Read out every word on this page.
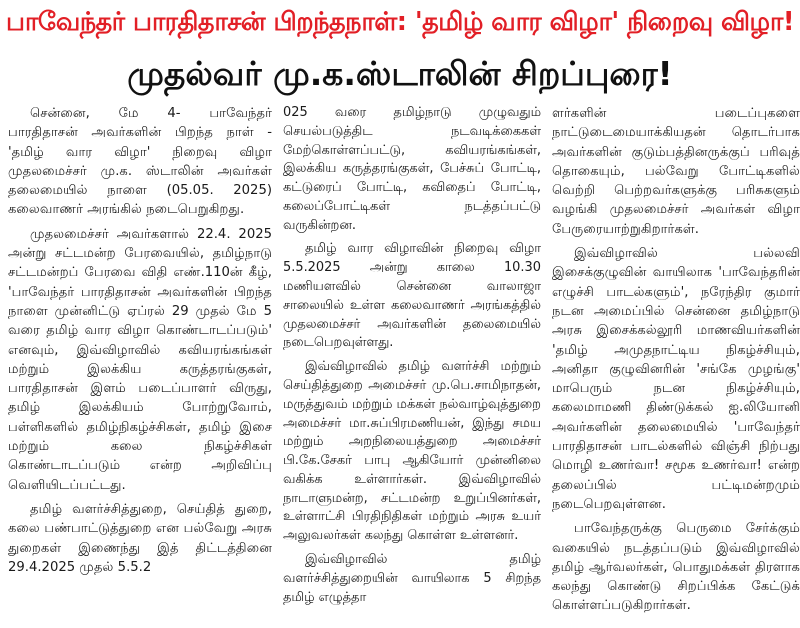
பாவேந்தர் பாரதிதாசன் பிறந்தநாள்: 'தமிழ் வார விழா' நிறைவு விழா!
முதல்வர் மு.க.ஸ்டாலின் சிறப்புரை!

சென்னை, மே 4- பாவேந்தர் பாரதிதாசன் அவர்களின் பிறந்த நாள் - 'தமிழ் வார விழா' நிறைவு விழா முதலமைச்சர் மு.க. ஸ்டாலின் அவர்கள் தலைமையில் நாளை (05.05. 2025) கலைவாணர் அரங்கில் நடைபெறுகிறது.

முதலமைச்சர் அவர்களால் 22.4. 2025 அன்று சட்டமன்ற பேரவையில், தமிழ்நாடு சட்டமன்றப் பேரவை விதி எண்.110ன் கீழ், 'பாவேந்தர் பாரதிதாசன் அவர்களின் பிறந்த நாளை முன்னிட்டு ஏப்ரல் 29 முதல் மே 5 வரை தமிழ் வார விழா கொண்டாடப்படும்' எனவும், இவ்விழாவில் கவியரங்கங்கள் மற்றும் இலக்கிய கருத்தரங்குகள், பாரதிதாசன் இளம் படைப்பாளர் விருது, தமிழ் இலக்கியம் போற்றுவோம், பள்ளிகளில் தமிழ்நிகழ்ச்சிகள், தமிழ் இசை மற்றும் கலை நிகழ்ச்சிகள் கொண்டாடப்படும் என்ற அறிவிப்பு வெளியிடப்பட்டது.

தமிழ் வளர்ச்சித்துறை, செய்தித் துறை, கலை பண்பாட்டுத்துறை என பல்வேறு அரசு துறைகள் இணைந்து இத் திட்டத்தினை 29.4.2025 முதல் 5.5.2

025 வரை தமிழ்நாடு முழுவதும் செயல்படுத்திட நடவடிக்கைகள் மேற்கொள்ளப்பட்டு, கவியரங்கங்கள், இலக்கிய கருத்தரங்குகள், பேச்சுப் போட்டி, கட்டுரைப் போட்டி, கவிதைப் போட்டி, கலைப்போட்டிகள் நடத்தப்பட்டு வருகின்றன.

தமிழ் வார விழாவின் நிறைவு விழா 5.5.2025 அன்று காலை 10.30 மணியளவில் சென்னை வாலாஜா சாலையில் உள்ள கலைவாணர் அரங்கத்தில் முதலமைச்சர் அவர்களின் தலைமையில் நடைபெறவுள்ளது.

இவ்விழாவில் தமிழ் வளர்ச்சி மற்றும் செய்தித்துறை அமைச்சர் மு.பெ.சாமிநாதன், மருத்துவம் மற்றும் மக்கள் நல்வாழ்வுத்துறை அமைச்சர் மா.சுப்பிரமணியன், இந்து சமய மற்றும் அறநிலையத்துறை அமைச்சர் பி.கே.சேகர் பாபு ஆகியோர் முன்னிலை வகிக்க உள்ளார்கள். இவ்விழாவில் நாடாளுமன்ற, சட்டமன்ற உறுப்பினர்கள், உள்ளாட்சி பிரதிநிதிகள் மற்றும் அரசு உயர் அலுவலர்கள் கலந்து கொள்ள உள்ளனர்.

இவ்விழாவில் தமிழ் வளர்ச்சித்துறையின் வாயிலாக 5 சிறந்த தமிழ் எழுத்தா

ளர்களின் படைப்புகளை நாட்டுடைமையாக்கியதன் தொடர்பாக அவர்களின் குடும்பத்தினருக்குப் பரிவுத் தொகையும், பல்வேறு போட்டிகளில் வெற்றி பெற்றவர்களுக்கு பரிசுகளும் வழங்கி முதலமைச்சர் அவர்கள் விழா பேருரையாற்றுகிறார்கள்.

இவ்விழாவில் பல்லவி இசைக்குழுவின் வாயிலாக 'பாவேந்தரின் எழுச்சி பாடல்களும்', நரேந்திர குமார் நடன அமைப்பில் சென்னை தமிழ்நாடு அரசு இசைக்கல்லூரி மாணவியர்களின் 'தமிழ் அமுதநாட்டிய நிகழ்ச்சியும், அனிதா குழுவினரின் 'சங்கே முழங்கு' மாபெரும் நடன நிகழ்ச்சியும், கலைமாமணி திண்டுக்கல் ஐ.லியோனி அவர்களின் தலைமையில் 'பாவேந்தர் பாரதிதாசன் பாடல்களில் விஞ்சி நிற்பது மொழி உணர்வா! சமூக உணர்வா! என்ற தலைப்பில் பட்டிமன்றமும் நடைபெறவுள்ளன.

பாவேந்தருக்கு பெருமை சேர்க்கும் வகையில் நடத்தப்படும் இவ்விழாவில் தமிழ் ஆர்வலர்கள், பொதுமக்கள் திரளாக கலந்து கொண்டு சிறப்பிக்க கேட்டுக் கொள்ளப்படுகிறார்கள்.
